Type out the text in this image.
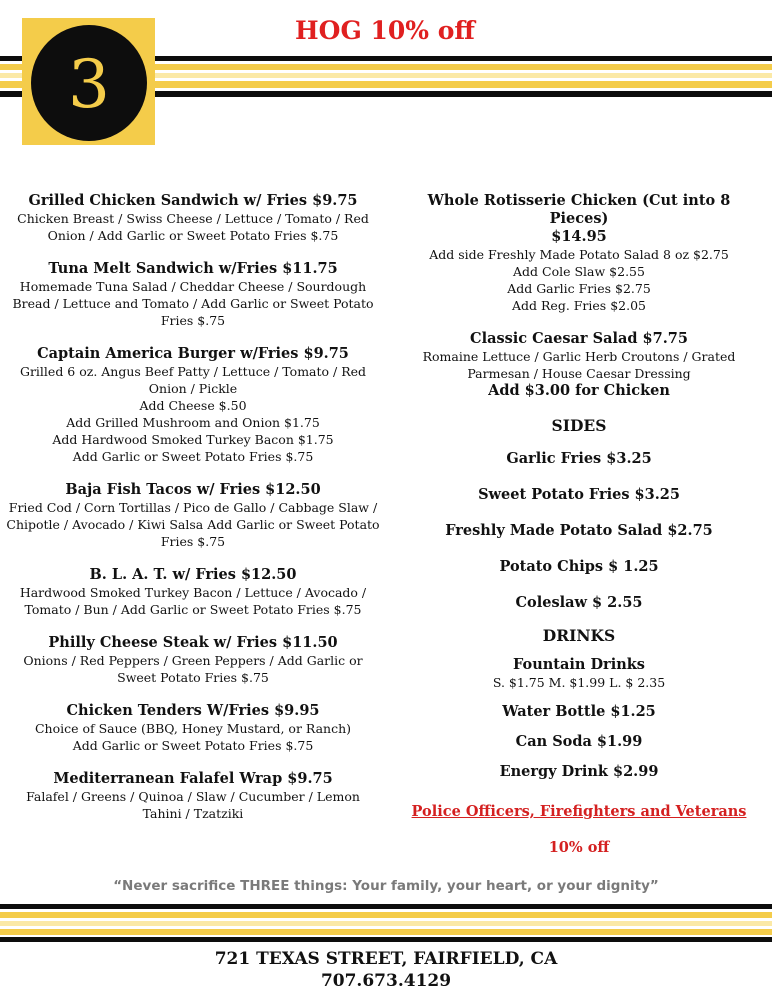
3
HOG 10% off
Grilled Chicken Sandwich w/ Fries $9.75
Chicken Breast / Swiss Cheese / Lettuce / Tomato / Red
Onion / Add Garlic or Sweet Potato Fries $.75
Tuna Melt Sandwich w/Fries $11.75
Homemade Tuna Salad / Cheddar Cheese / Sourdough
Bread / Lettuce and Tomato / Add Garlic or Sweet Potato
Fries $.75
Captain America Burger w/Fries $9.75
Grilled 6 oz. Angus Beef Patty / Lettuce / Tomato / Red
Onion / Pickle
Add Cheese $.50
Add Grilled Mushroom and Onion $1.75
Add Hardwood Smoked Turkey Bacon $1.75
Add Garlic or Sweet Potato Fries $.75
Baja Fish Tacos w/ Fries $12.50
Fried Cod / Corn Tortillas / Pico de Gallo / Cabbage Slaw /
Chipotle / Avocado / Kiwi Salsa Add Garlic or Sweet Potato
Fries $.75
B. L. A. T. w/ Fries $12.50
Hardwood Smoked Turkey Bacon / Lettuce / Avocado /
Tomato / Bun / Add Garlic or Sweet Potato Fries $.75
Philly Cheese Steak w/ Fries $11.50
Onions / Red Peppers / Green Peppers / Add Garlic or
Sweet Potato Fries $.75
Chicken Tenders W/Fries $9.95
Choice of Sauce (BBQ, Honey Mustard, or Ranch)
Add Garlic or Sweet Potato Fries $.75
Mediterranean Falafel Wrap $9.75
Falafel / Greens / Quinoa / Slaw / Cucumber / Lemon
Tahini / Tzatziki
Whole Rotisserie Chicken (Cut into 8 Pieces)
$14.95
Add side Freshly Made Potato Salad 8 oz $2.75
Add Cole Slaw $2.55
Add Garlic Fries $2.75
Add Reg. Fries $2.05
Classic Caesar Salad $7.75
Romaine Lettuce / Garlic Herb Croutons / Grated
Parmesan / House Caesar Dressing
Add $3.00 for Chicken
SIDES
Garlic Fries $3.25
Sweet Potato Fries $3.25
Freshly Made Potato Salad $2.75
Potato Chips $ 1.25
Coleslaw $ 2.55
DRINKS
Fountain Drinks
S. $1.75 M. $1.99 L. $ 2.35
Water Bottle $1.25
Can Soda $1.99
Energy Drink $2.99
Police Officers, Firefighters and Veterans
10% off
“Never sacrifice THREE things: Your family, your heart, or your dignity”
721 TEXAS STREET, FAIRFIELD, CA
707.673.4129
